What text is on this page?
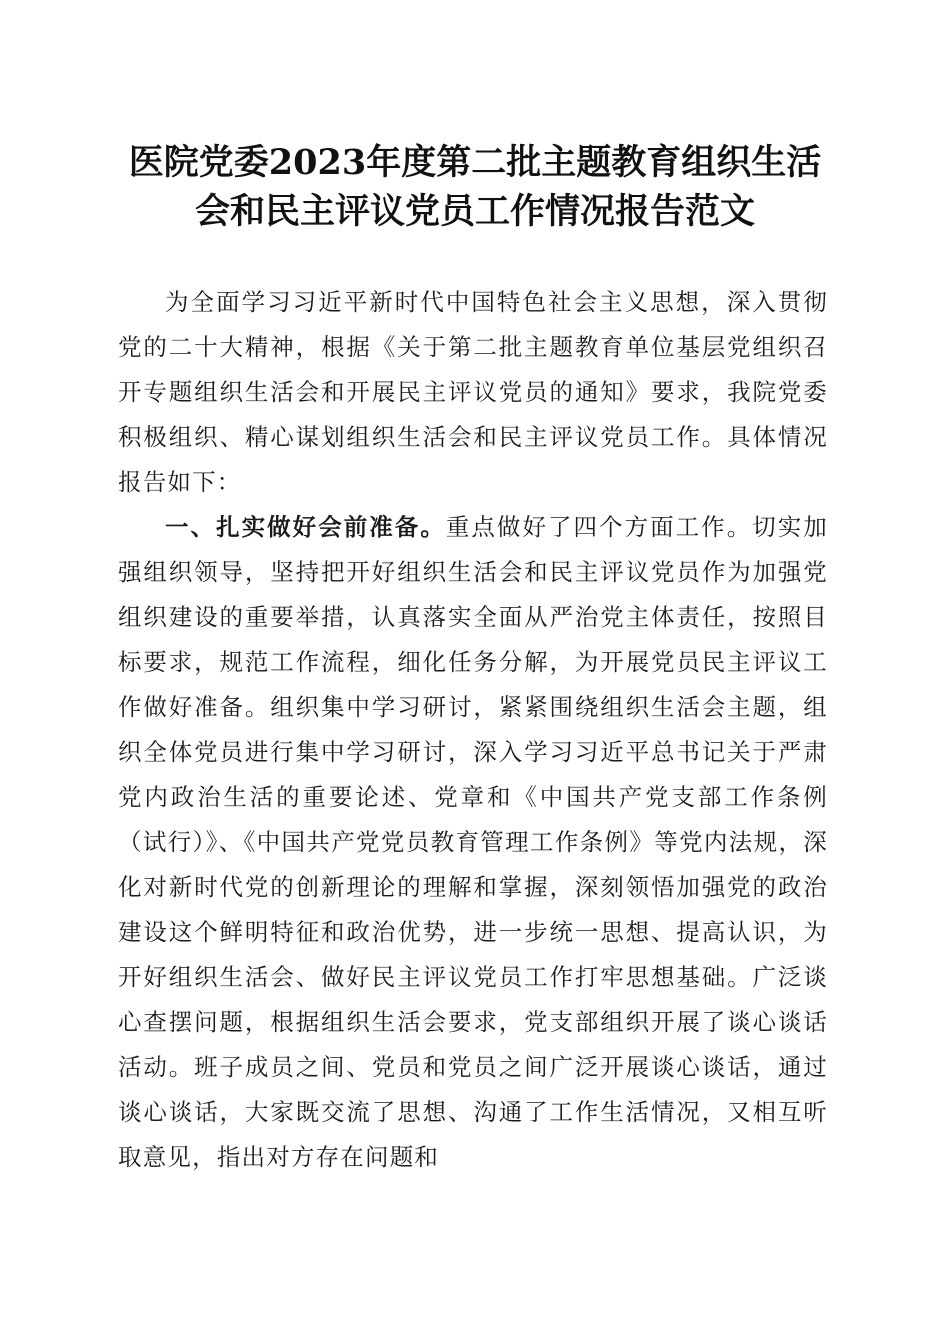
医院党委2023年度第二批主题教育组织生活
会和民主评议党员工作情况报告范文

为全面学习习近平新时代中国特色社会主义思想，深入贯彻党的二十大精神，根据《关于第二批主题教育单位基层党组织召开专题组织生活会和开展民主评议党员的通知》要求，我院党委积极组织、精心谋划组织生活会和民主评议党员工作。具体情况报告如下：

一、扎实做好会前准备。重点做好了四个方面工作。切实加强组织领导，坚持把开好组织生活会和民主评议党员作为加强党组织建设的重要举措，认真落实全面从严治党主体责任，按照目标要求，规范工作流程，细化任务分解，为开展党员民主评议工作做好准备。组织集中学习研讨，紧紧围绕组织生活会主题，组织全体党员进行集中学习研讨，深入学习习近平总书记关于严肃党内政治生活的重要论述、党章和《中国共产党支部工作条例（试行）》、《中国共产党党员教育管理工作条例》等党内法规，深化对新时代党的创新理论的理解和掌握，深刻领悟加强党的政治建设这个鲜明特征和政治优势，进一步统一思想、提高认识，为开好组织生活会、做好民主评议党员工作打牢思想基础。广泛谈心查摆问题，根据组织生活会要求，党支部组织开展了谈心谈话活动。班子成员之间、党员和党员之间广泛开展谈心谈话，通过谈心谈话，大家既交流了思想、沟通了工作生活情况，又相互听取意见，指出对方存在问题和
